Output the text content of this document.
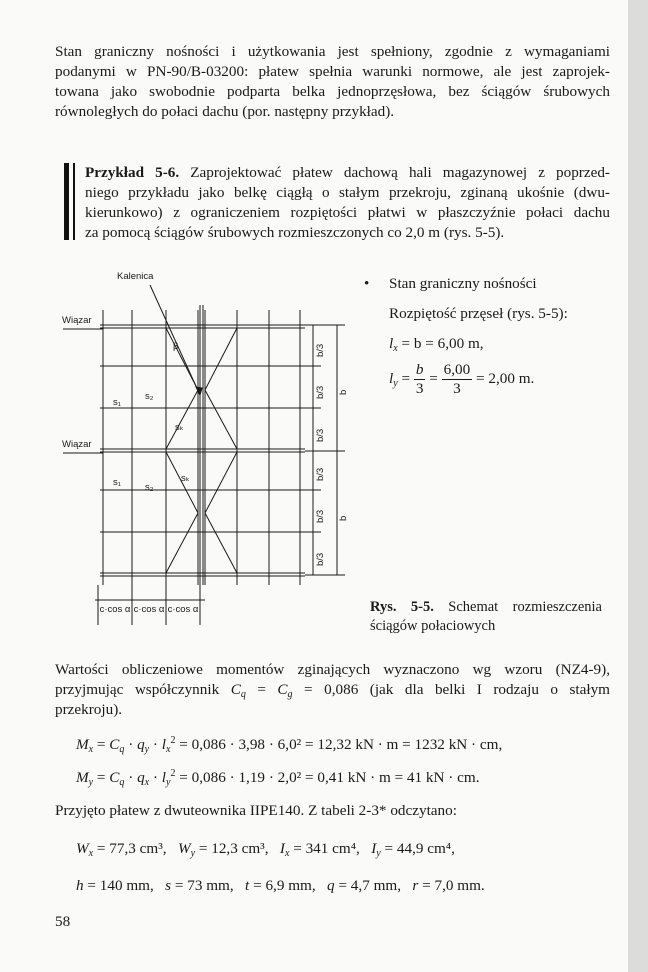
Stan graniczny nośności i użytkowania jest spełniony, zgodnie z wymaganiami
podanymi w PN-90/B-03200: płatew spełnia warunki normowe, ale jest zaprojek-
towana jako swobodnie podparta belka jednoprzęsłowa, bez ściągów śrubowych
równoległych do połaci dachu (por. następny przykład).

Przykład 5-6. Zaprojektować płatew dachową hali magazynowej z poprzed-
niego przykładu jako belkę ciągłą o stałym przekroju, zginaną ukośnie (dwu-
kierunkowo) z ograniczeniem rozpiętości płatwi w płaszczyźnie połaci dachu
za pomocą ściągów śrubowych rozmieszczonych co 2,0 m (rys. 5-5).

Kalenica
Wiązar
Wiązar
β
s₁
s₂
sₖ
s₁	s₂
sₖ
b/3
b/3
b/3
b/3
b/3
b/3
b
b
c·cos α c·cos α c·cos α
• Stan graniczny nośności
Rozpiętość przęseł (rys. 5-5):
$l_x = b = 6,00$ m,
$l_y = \frac{b}{3} = \frac{6,00}{3} = 2,00$ m.
Rys. 5-5. Schemat rozmieszczenia
ściągów połaciowych

Wartości obliczeniowe momentów zginających wyznaczono wg wzoru (NZ4-9),
przyjmując współczynnik $C_q = C_g = 0,086$ (jak dla belki I rodzaju o stałym
przekroju).

$M_x = C_q \cdot q_y \cdot l_x^2 = 0,086 \cdot 3,98 \cdot 6,0^2 = 12,32$ kN · m = 1232 kN · cm,
$M_y = C_q \cdot q_x \cdot l_y^2 = 0,086 \cdot 1,19 \cdot 2,0^2 = 0,41$ kN · m = 41 kN · cm.
Przyjęto płatew z dwuteownika IIPE140. Z tabeli 2-3* odczytano:
$W_x = 77,3$ cm³, $W_y = 12,3$ cm³, $I_x = 341$ cm⁴, $I_y = 44,9$ cm⁴,
h = 140 mm, s = 73 mm, t = 6,9 mm, q = 4,7 mm, r = 7,0 mm.
58
